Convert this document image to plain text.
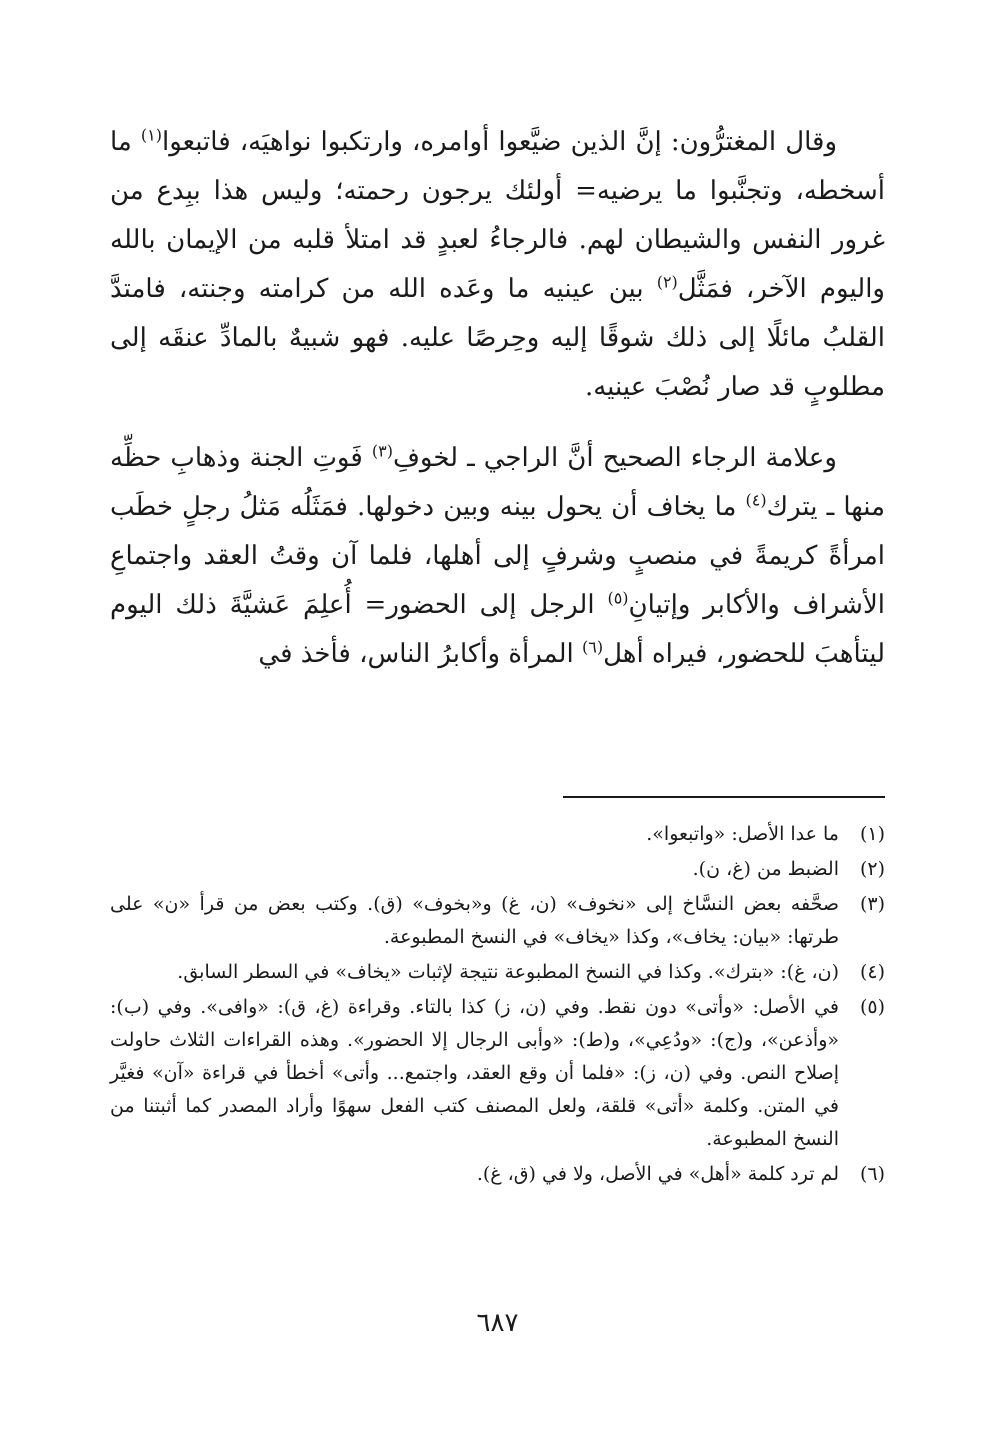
وقال المغترُّون: إنَّ الذين ضيَّعوا أوامره، وارتكبوا نواهيَه، فاتبعوا$^{(١)}$ ما أسخطه، وتجنَّبوا ما يرضيه= أولئك يرجون رحمته؛ وليس هذا ببِدع من غرور النفس والشيطان لهم. فالرجاءُ لعبدٍ قد امتلأ قلبه من الإيمان بالله واليوم الآخر، فمَثَّل$^{(٢)}$ بين عينيه ما وعَده الله من كرامته وجنته، فامتدَّ القلبُ مائلًا إلى ذلك شوقًا إليه وحِرصًا عليه. فهو شبيهٌ بالمادِّ عنقَه إلى مطلوبٍ قد صار نُصْبَ عينيه.

وعلامة الرجاء الصحيح أنَّ الراجي ـ لخوفِ$^{(٣)}$ فَوتِ الجنة وذهابِ حظِّه منها ـ يترك$^{(٤)}$ ما يخاف أن يحول بينه وبين دخولها. فمَثَلُه مَثلُ رجلٍ خطَب امرأةً كريمةً في منصبٍ وشرفٍ إلى أهلها، فلما آن وقتُ العقد واجتماعِ الأشراف والأكابر وإتيانِ$^{(٥)}$ الرجل إلى الحضور= أُعلِمَ عَشيَّةَ ذلك اليوم ليتأهبَ للحضور، فيراه أهل$^{(٦)}$ المرأة وأكابرُ الناس، فأخذ في

(١)
ما عدا الأصل: «واتبعوا».
(٢)
الضبط من (غ، ن).
(٣)
صحَّفه بعض النسَّاخ إلى «نخوف» (ن، غ) و«بخوف» (ق). وكتب بعض من قرأ «ن» على طرتها: «بيان: يخاف»، وكذا «يخاف» في النسخ المطبوعة.
(٤)
(ن، غ): «بترك». وكذا في النسخ المطبوعة نتيجة لإثبات «يخاف» في السطر السابق.
(٥)
في الأصل: «وأتى» دون نقط. وفي (ن، ز) كذا بالتاء. وقراءة (غ، ق): «وافى». وفي (ب): «وأذعن»، و(ج): «ودُعِي»، و(ط): «وأبى الرجال إلا الحضور». وهذه القراءات الثلاث حاولت إصلاح النص. وفي (ن، ز): «فلما أن وقع العقد، واجتمع... وأتى» أخطأ في قراءة «آن» فغيَّر في المتن. وكلمة «أتى» قلقة، ولعل المصنف كتب الفعل سهوًا وأراد المصدر كما أثبتنا من النسخ المطبوعة.
(٦)
لم ترد كلمة «أهل» في الأصل، ولا في (ق، غ).
٦٨٧
